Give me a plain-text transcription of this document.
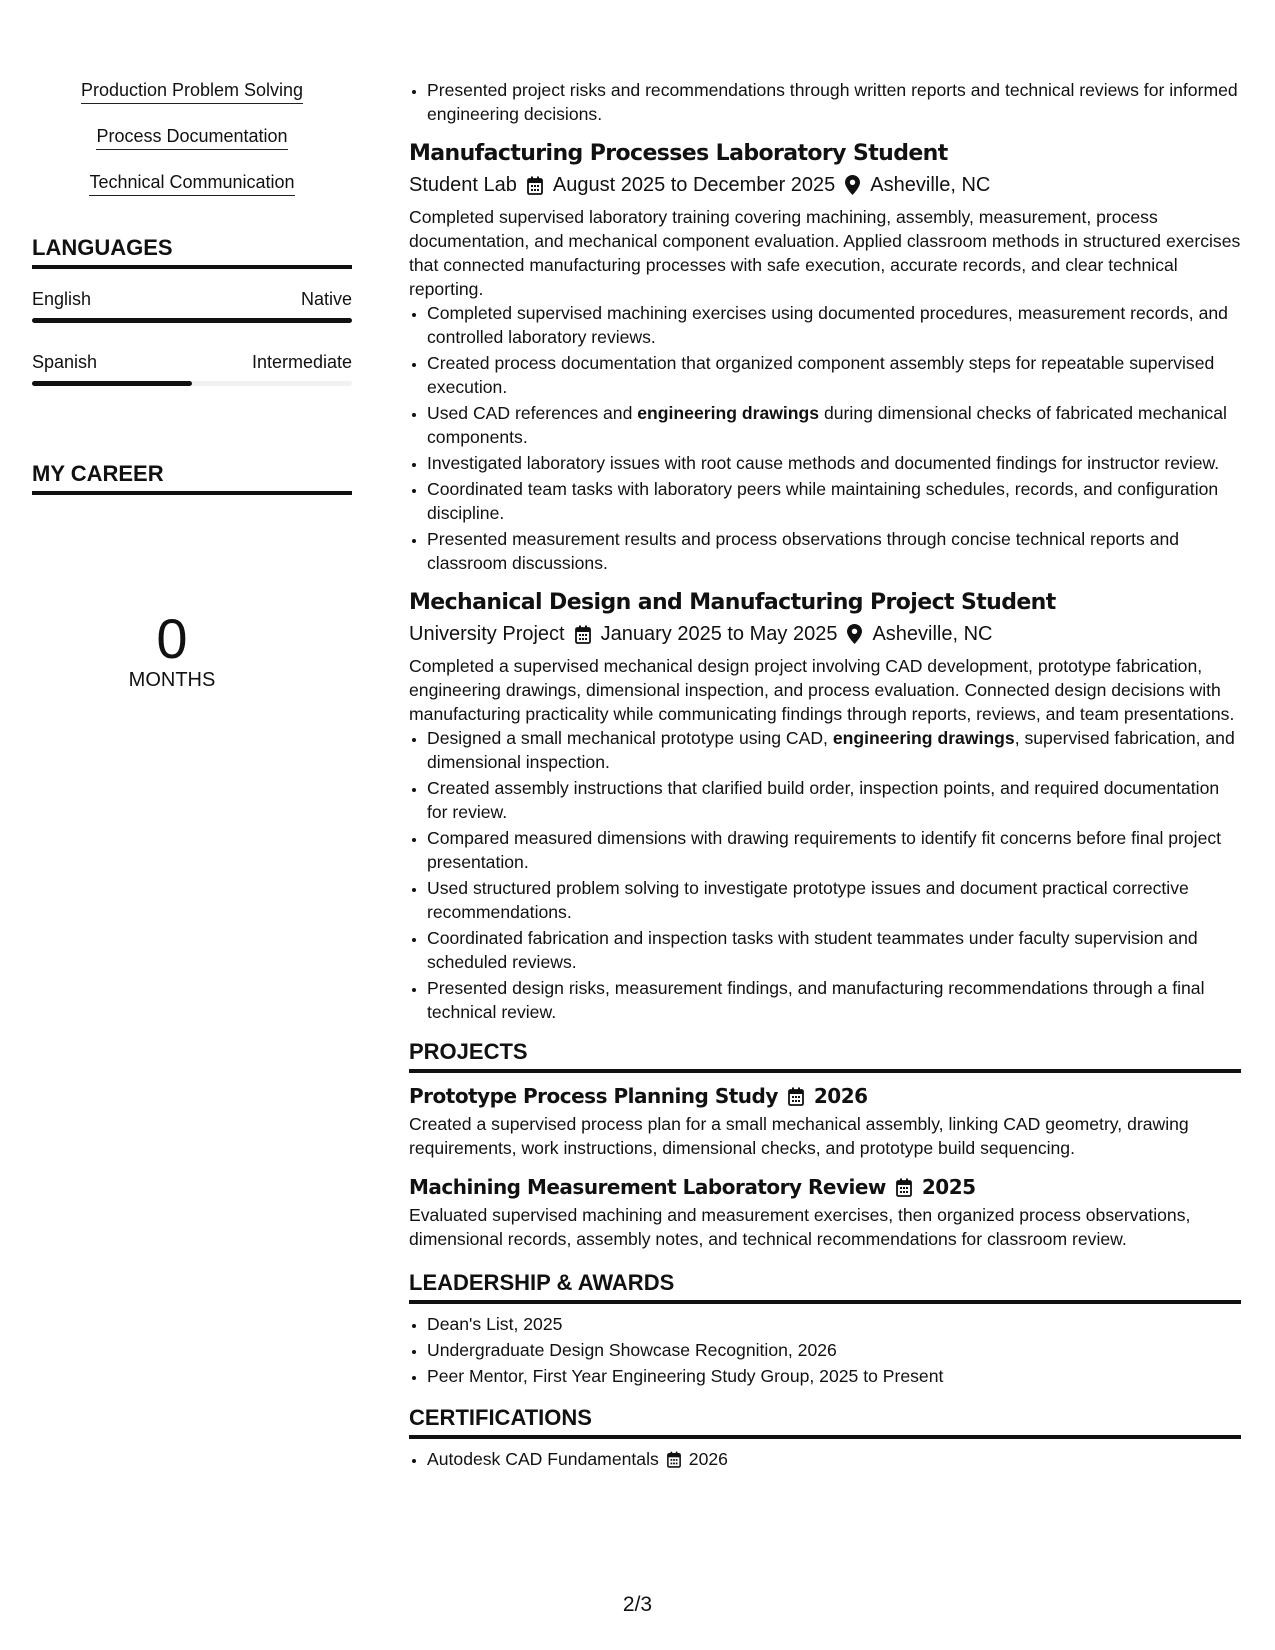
Production Problem Solving
Process Documentation
Technical Communication
LANGUAGES
English	Native
Spanish	Intermediate
MY CAREER
0
MONTHS
• Presented project risks and recommendations through written reports and technical reviews for informed engineering decisions.
Manufacturing Processes Laboratory Student
Student Lab August 2025 to December 2025 Asheville, NC
Completed supervised laboratory training covering machining, assembly, measurement, process documentation, and mechanical component evaluation. Applied classroom methods in structured exercises that connected manufacturing processes with safe execution, accurate records, and clear technical reporting.
• Completed supervised machining exercises using documented procedures, measurement records, and controlled laboratory reviews.
• Created process documentation that organized component assembly steps for repeatable supervised execution.
• Used CAD references and engineering drawings during dimensional checks of fabricated mechanical components.
• Investigated laboratory issues with root cause methods and documented findings for instructor review.
• Coordinated team tasks with laboratory peers while maintaining schedules, records, and configuration discipline.
• Presented measurement results and process observations through concise technical reports and classroom discussions.
Mechanical Design and Manufacturing Project Student
University Project January 2025 to May 2025 Asheville, NC
Completed a supervised mechanical design project involving CAD development, prototype fabrication, engineering drawings, dimensional inspection, and process evaluation. Connected design decisions with manufacturing practicality while communicating findings through reports, reviews, and team presentations.
• Designed a small mechanical prototype using CAD, engineering drawings, supervised fabrication, and dimensional inspection.
• Created assembly instructions that clarified build order, inspection points, and required documentation for review.
• Compared measured dimensions with drawing requirements to identify fit concerns before final project presentation.
• Used structured problem solving to investigate prototype issues and document practical corrective recommendations.
• Coordinated fabrication and inspection tasks with student teammates under faculty supervision and scheduled reviews.
• Presented design risks, measurement findings, and manufacturing recommendations through a final technical review.
PROJECTS
Prototype Process Planning Study 2026
Created a supervised process plan for a small mechanical assembly, linking CAD geometry, drawing requirements, work instructions, dimensional checks, and prototype build sequencing.
Machining Measurement Laboratory Review 2025
Evaluated supervised machining and measurement exercises, then organized process observations, dimensional records, assembly notes, and technical recommendations for classroom review.
LEADERSHIP & AWARDS
• Dean's List, 2025
• Undergraduate Design Showcase Recognition, 2026
• Peer Mentor, First Year Engineering Study Group, 2025 to Present
CERTIFICATIONS
• Autodesk CAD Fundamentals 2026
2/3
